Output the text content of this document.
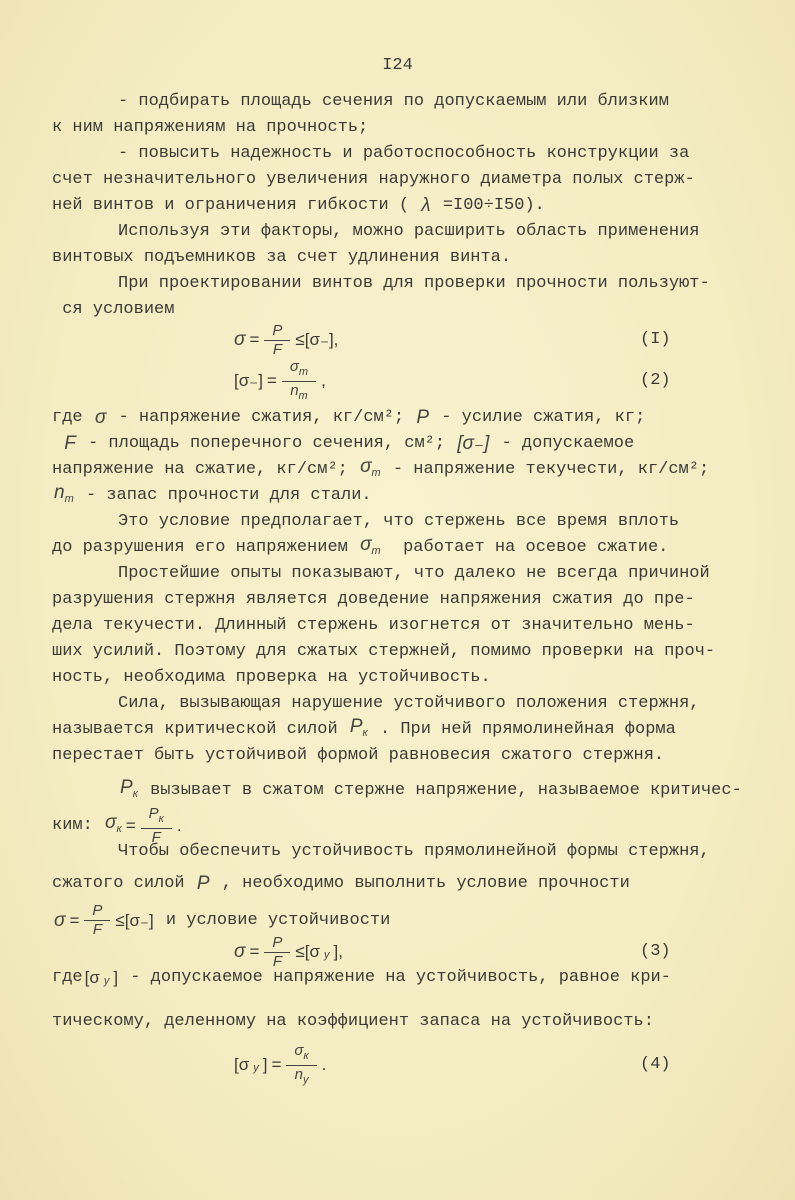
I24
- подбирать площадь сечения по допускаемым или близким
к ним напряжениям на прочность;
- повысить надежность и работоспособность конструкции за
счет незначительного увеличения наружного диаметра полых стерж-
ней винтов и ограничения гибкости ( λ =I00÷I50).
Используя эти факторы, можно расширить область применения
винтовых подъемников за счет удлинения винта.
При проектировании винтов для проверки прочности пользуют-
ся условием
$\sigma = \frac{P}{F} \le[\sigma_-]$,	(I)
$[\sigma_-] = \frac{\sigma_т}{n_т}$ ,	(2)
где σ - напряжение сжатия, кг/см²; P - усилие сжатия, кг;

F - площадь поперечного сечения, см²; [σ₋] - допускаемое
напряжение на сжатие, кг/см²; $\sigma_т$ - напряжение текучести, кг/см²;
$n_т$ - запас прочности для стали.
Это условие предполагает, что стержень все время вплоть
до разрушения его напряжением $\sigma_т$ работает на осевое сжатие.
Простейшие опыты показывают, что далеко не всегда причиной
разрушения стержня является доведение напряжения сжатия до пре-
дела текучести. Длинный стержень изогнется от значительно мень-
ших усилий. Поэтому для сжатых стержней, помимо проверки на проч-
ность, необходима проверка на устойчивость.
Сила, вызывающая нарушение устойчивого положения стержня,
называется критической силой $P_к$ . При ней прямолинейная форма
перестает быть устойчивой формой равновесия сжатого стержня.
$P_к$ вызывает в сжатом стержне напряжение, называемое критичес-
ким: $\sigma_к = \frac{P_к}{F}$ .
Чтобы обеспечить устойчивость прямолинейной формы стержня,
сжатого силой P , необходимо выполнить условие прочности
$\sigma = \frac{P}{F} \le[\sigma_-]$ и условие устойчивости
$\sigma = \frac{P}{F} \le[\sigma$ $_у$ ],	(3)
где [σ $_у$ ] - допускаемое напряжение на устойчивость, равное кри-
тическому, деленному на коэффициент запаса на устойчивость:
[σ $_у$ ] = $\frac{\sigma_к}{n_у}$ .	(4)
